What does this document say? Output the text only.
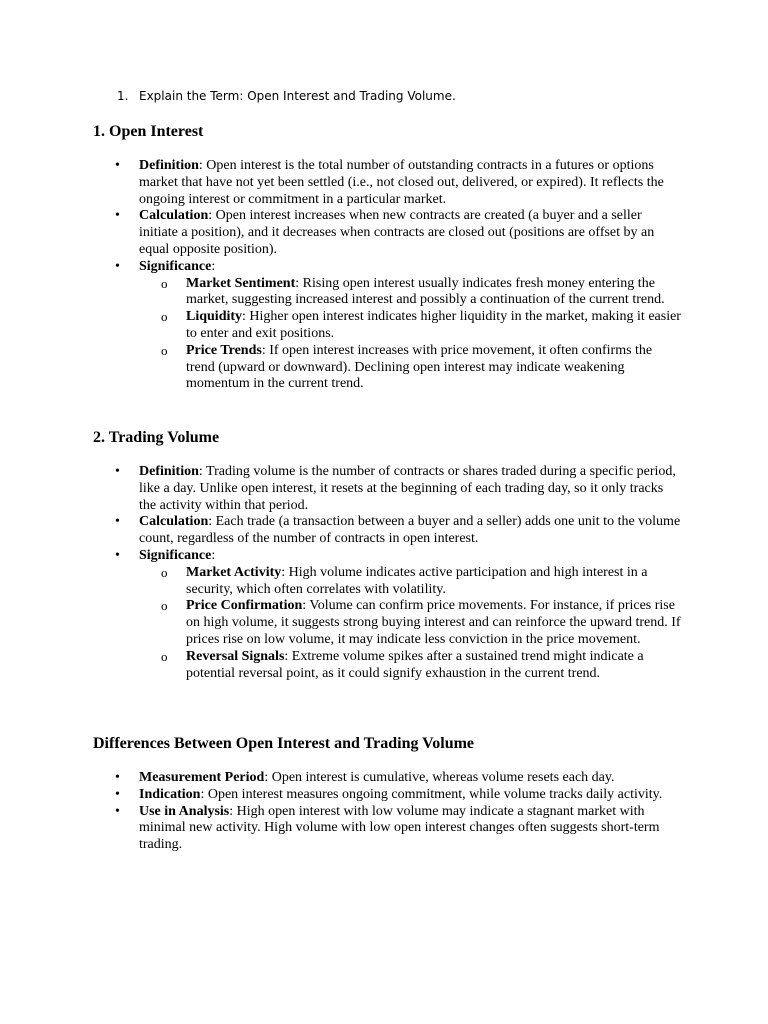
1. Explain the Term: Open Interest and Trading Volume.
1. Open Interest
•	Definition: Open interest is the total number of outstanding contracts in a futures or options market that have not yet been settled (i.e., not closed out, delivered, or expired). It reflects the ongoing interest or commitment in a particular market.
•	Calculation: Open interest increases when new contracts are created (a buyer and a seller initiate a position), and it decreases when contracts are closed out (positions are offset by an equal opposite position).
•	Significance:
o Market Sentiment: Rising open interest usually indicates fresh money entering the market, suggesting increased interest and possibly a continuation of the current trend.
o Liquidity: Higher open interest indicates higher liquidity in the market, making it easier to enter and exit positions.
o Price Trends: If open interest increases with price movement, it often confirms the trend (upward or downward). Declining open interest may indicate weakening momentum in the current trend.
2. Trading Volume
•	Definition: Trading volume is the number of contracts or shares traded during a specific period, like a day. Unlike open interest, it resets at the beginning of each trading day, so it only tracks the activity within that period.
•	Calculation: Each trade (a transaction between a buyer and a seller) adds one unit to the volume count, regardless of the number of contracts in open interest.
•	Significance:
o Market Activity: High volume indicates active participation and high interest in a security, which often correlates with volatility.
o Price Confirmation: Volume can confirm price movements. For instance, if prices rise on high volume, it suggests strong buying interest and can reinforce the upward trend. If prices rise on low volume, it may indicate less conviction in the price movement.
o Reversal Signals: Extreme volume spikes after a sustained trend might indicate a potential reversal point, as it could signify exhaustion in the current trend.
Differences Between Open Interest and Trading Volume
•	Measurement Period: Open interest is cumulative, whereas volume resets each day.
•	Indication: Open interest measures ongoing commitment, while volume tracks daily activity.
•	Use in Analysis: High open interest with low volume may indicate a stagnant market with minimal new activity. High volume with low open interest changes often suggests short-term trading.
